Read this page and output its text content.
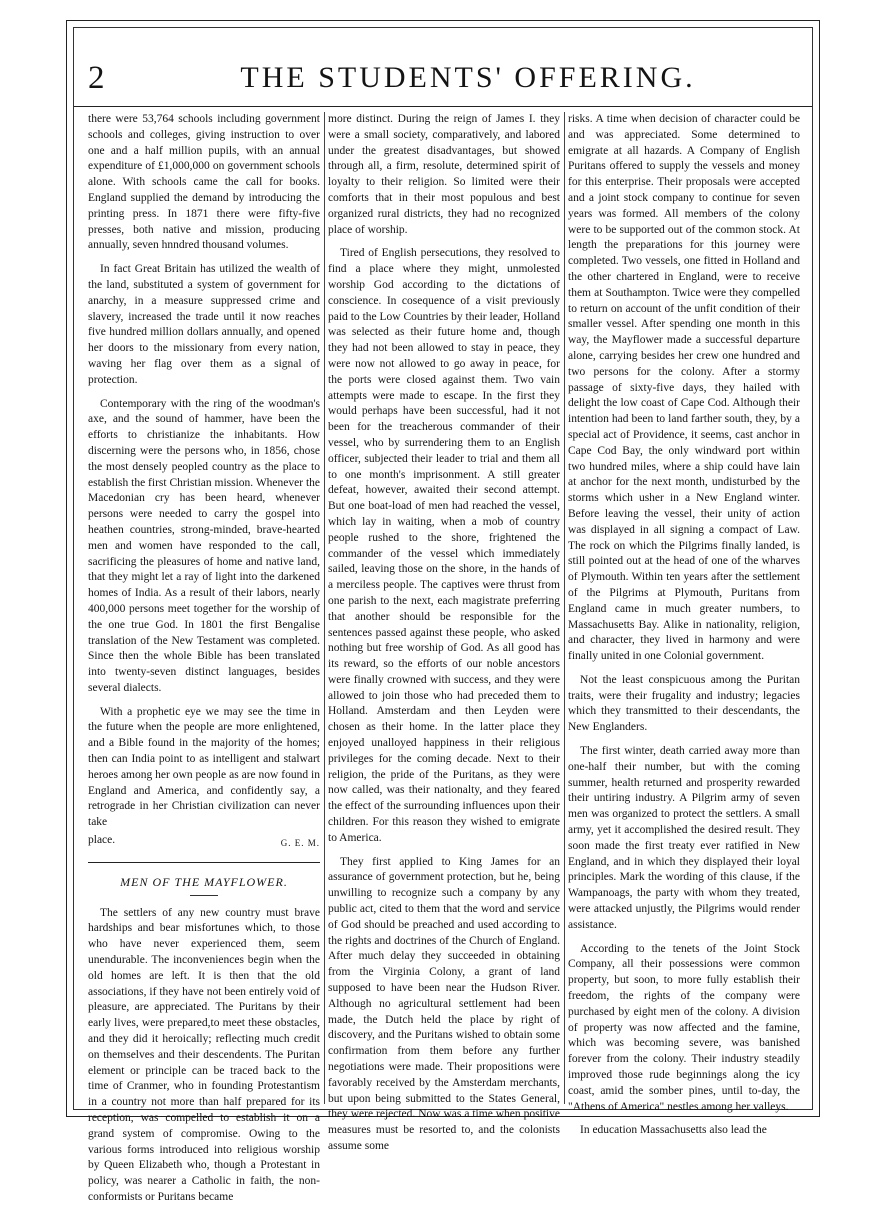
2	THE STUDENTS' OFFERING.

there were 53,764 schools including government schools and colleges, giving instruction to over one and a half million pupils, with an annual expenditure of £1,000,000 on government schools alone. With schools came the call for books. England supplied the demand by introducing the printing press. In 1871 there were fifty-five presses, both native and mission, producing annually, seven hnndred thousand volumes.

In fact Great Britain has utilized the wealth of the land, substituted a system of government for anarchy, in a measure suppressed crime and slavery, increased the trade until it now reaches five hundred million dollars annually, and opened her doors to the missionary from every nation, waving her flag over them as a signal of protection.

Contemporary with the ring of the woodman's axe, and the sound of hammer, have been the efforts to christianize the inhabitants. How discerning were the persons who, in 1856, chose the most densely peopled country as the place to establish the first Christian mission. Whenever the Macedonian cry has been heard, whenever persons were needed to carry the gospel into heathen countries, strong-minded, brave-hearted men and women have responded to the call, sacrificing the pleasures of home and native land, that they might let a ray of light into the darkened homes of India. As a result of their labors, nearly 400,000 persons meet together for the worship of the one true God. In 1801 the first Bengalise translation of the New Testament was completed. Since then the whole Bible has been translated into twenty-seven distinct languages, besides several dialects.

With a prophetic eye we may see the time in the future when the people are more enlightened, and a Bible found in the majority of the homes; then can India point to as intelligent and stalwart heroes among her own people as are now found in England and America, and confidently say, a retrograde in her Christian civilization can never take

place.	G. E. M.
MEN OF THE MAYFLOWER.

The settlers of any new country must brave hardships and bear misfortunes which, to those who have never experienced them, seem unendurable. The inconveniences begin when the old homes are left. It is then that the old associations, if they have not been entirely void of pleasure, are appreciated. The Puritans by their early lives, were prepared,to meet these obstacles, and they did it heroically; reflecting much credit on themselves and their descendents. The Puritan element or principle can be traced back to the time of Cranmer, who in founding Protestantism in a country not more than half prepared for its reception, was compelled to establish it on a grand system of compromise. Owing to the various forms introduced into religious worship by Queen Elizabeth who, though a Protestant in policy, was nearer a Catholic in faith, the non-conformists or Puritans became

more distinct. During the reign of James I. they were a small society, comparatively, and labored under the greatest disadvantages, but showed through all, a firm, resolute, determined spirit of loyalty to their religion. So limited were their comforts that in their most populous and best organized rural districts, they had no recognized place of worship.

Tired of English persecutions, they resolved to find a place where they might, unmolested worship God according to the dictations of conscience. In cosequence of a visit previously paid to the Low Countries by their leader, Holland was selected as their future home and, though they had not been allowed to stay in peace, they were now not allowed to go away in peace, for the ports were closed against them. Two vain attempts were made to escape. In the first they would perhaps have been successful, had it not been for the treacherous commander of their vessel, who by surrendering them to an English officer, subjected their leader to trial and them all to one month's imprisonment. A still greater defeat, however, awaited their second attempt. But one boat-load of men had reached the vessel, which lay in waiting, when a mob of country people rushed to the shore, frightened the commander of the vessel which immediately sailed, leaving those on the shore, in the hands of a merciless people. The captives were thrust from one parish to the next, each magistrate preferring that another should be responsible for the sentences passed against these people, who asked nothing but free worship of God. As all good has its reward, so the efforts of our noble ancestors were finally crowned with success, and they were allowed to join those who had preceded them to Holland. Amsterdam and then Leyden were chosen as their home. In the latter place they enjoyed unalloyed happiness in their religious privileges for the coming decade. Next to their religion, the pride of the Puritans, as they were now called, was their nationalty, and they feared the effect of the surrounding influences upon their children. For this reason they wished to emigrate to America.

They first applied to King James for an assurance of government protection, but he, being unwilling to recognize such a company by any public act, cited to them that the word and service of God should be preached and used according to the rights and doctrines of the Church of England. After much delay they succeeded in obtaining from the Virginia Colony, a grant of land supposed to have been near the Hudson River. Although no agricultural settlement had been made, the Dutch held the place by right of discovery, and the Puritans wished to obtain some confirmation from them before any further negotiations were made. Their propositions were favorably received by the Amsterdam merchants, but upon being submitted to the States General, they were rejected. Now was a time when positive measures must be resorted to, and the colonists assume some

risks. A time when decision of character could be and was appreciated. Some determined to emigrate at all hazards. A Company of English Puritans offered to supply the vessels and money for this enterprise. Their proposals were accepted and a joint stock company to continue for seven years was formed. All members of the colony were to be supported out of the common stock. At length the preparations for this journey were completed. Two vessels, one fitted in Holland and the other chartered in England, were to receive them at Southampton. Twice were they compelled to return on account of the unfit condition of their smaller vessel. After spending one month in this way, the Mayflower made a successful departure alone, carrying besides her crew one hundred and two persons for the colony. After a stormy passage of sixty-five days, they hailed with delight the low coast of Cape Cod. Although their intention had been to land farther south, they, by a special act of Providence, it seems, cast anchor in Cape Cod Bay, the only windward port within two hundred miles, where a ship could have lain at anchor for the next month, undisturbed by the storms which usher in a New England winter. Before leaving the vessel, their unity of action was displayed in all signing a compact of Law. The rock on which the Pilgrims finally landed, is still pointed out at the head of one of the wharves of Plymouth. Within ten years after the settlement of the Pilgrims at Plymouth, Puritans from England came in much greater numbers, to Massachusetts Bay. Alike in nationality, religion, and character, they lived in harmony and were finally united in one Colonial government.

Not the least conspicuous among the Puritan traits, were their frugality and industry; legacies which they transmitted to their descendants, the New Englanders.

The first winter, death carried away more than one-half their number, but with the coming summer, health returned and prosperity rewarded their untiring industry. A Pilgrim army of seven men was organized to protect the settlers. A small army, yet it accomplished the desired result. They soon made the first treaty ever ratified in New England, and in which they displayed their loyal principles. Mark the wording of this clause, if the Wampanoags, the party with whom they treated, were attacked unjustly, the Pilgrims would render assistance.

According to the tenets of the Joint Stock Company, all their possessions were common property, but soon, to more fully establish their freedom, the rights of the company were purchased by eight men of the colony. A division of property was now affected and the famine, which was becoming severe, was banished forever from the colony. Their industry steadily improved those rude beginnings along the icy coast, amid the somber pines, until to-day, the "Athens of America" nestles among her valleys.

In education Massachusetts also lead the
